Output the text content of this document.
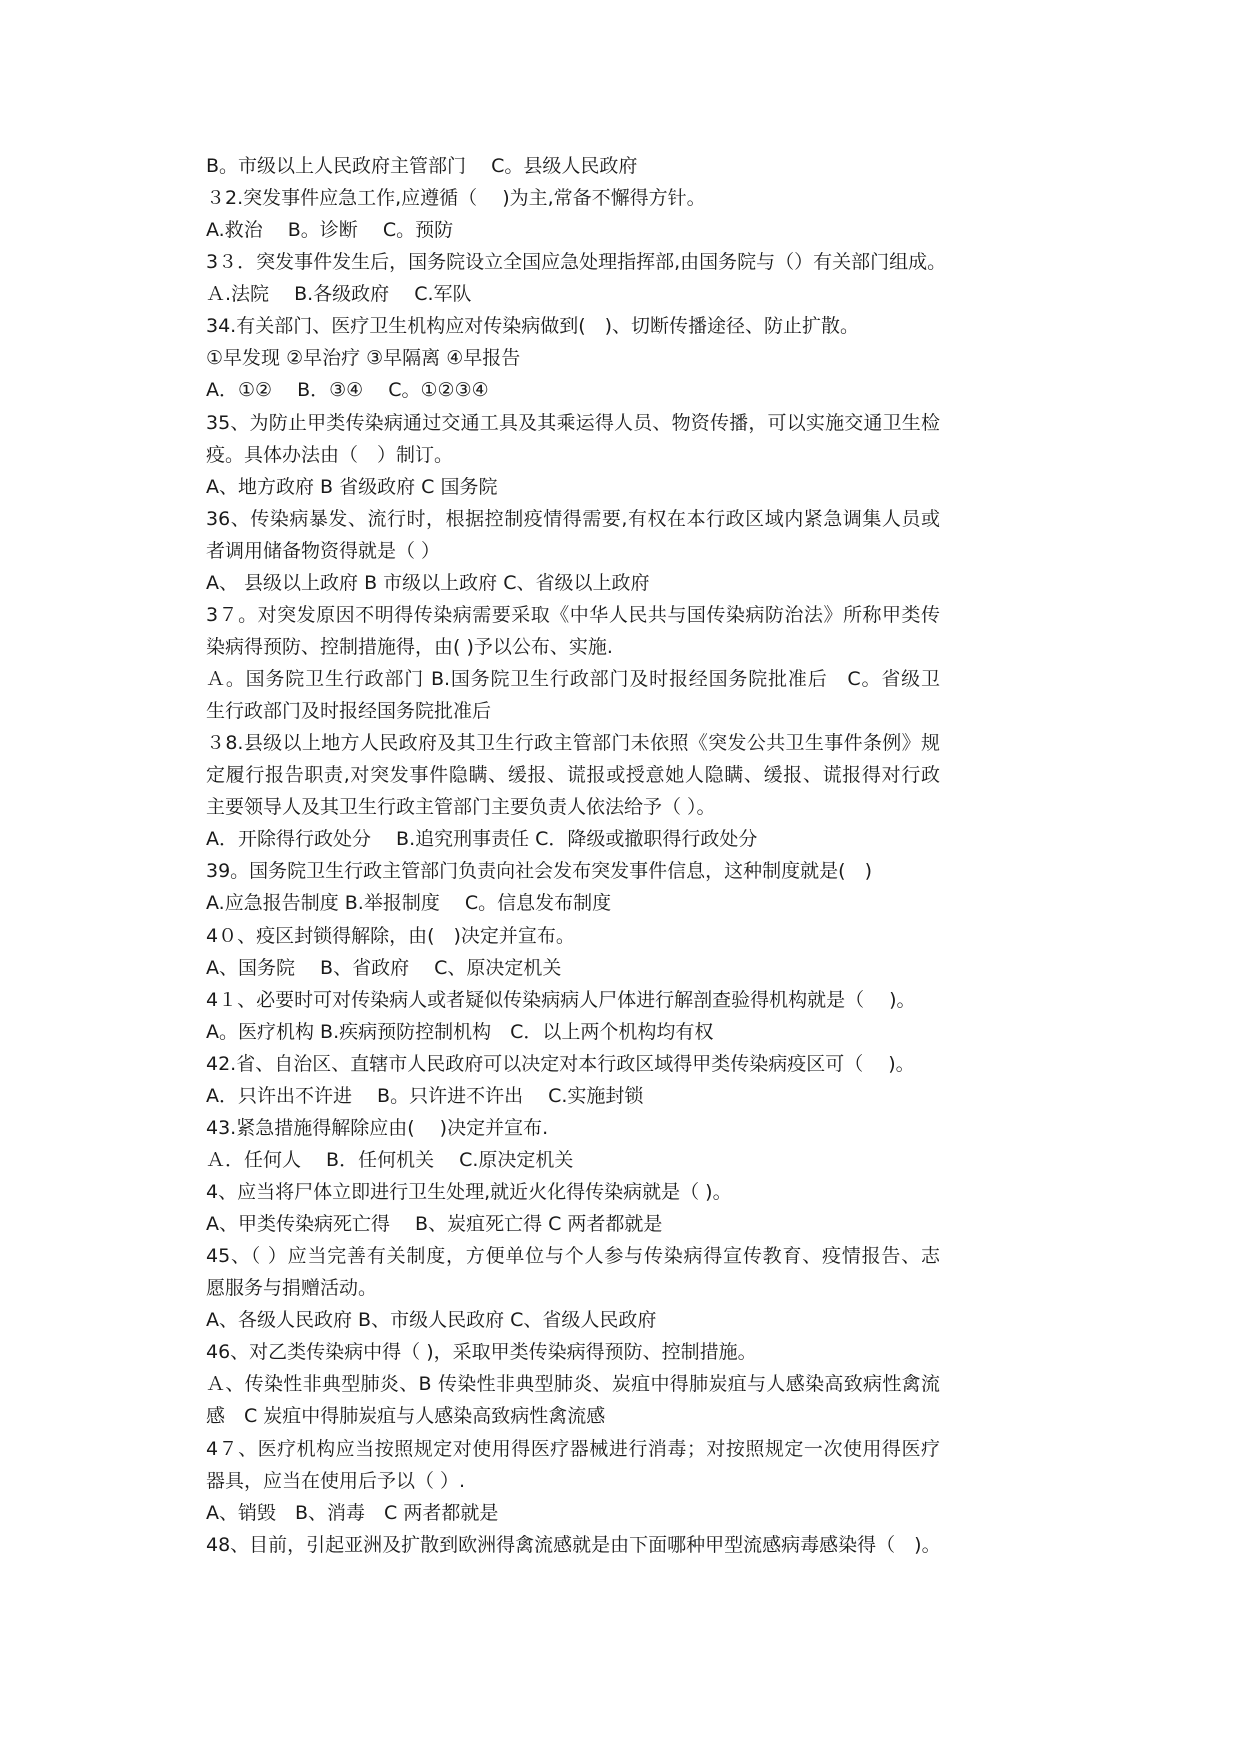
B。市级以上人民政府主管部门　 C。县级人民政府
３2.突发事件应急工作,应遵循（　 )为主,常备不懈得方针。
A.救治　 B。诊断　 C。预防
3３．突发事件发生后，国务院设立全国应急处理指挥部,由国务院与（）有关部门组成。
Ａ.法院　 B.各级政府　 C.军队
34.有关部门、医疗卫生机构应对传染病做到(　)、切断传播途径、防止扩散。
①早发现 ②早治疗 ③早隔离 ④早报告
A．①②　 B．③④　 C。①②③④
35、为防止甲类传染病通过交通工具及其乘运得人员、物资传播，可以实施交通卫生检
疫。具体办法由（　）制订。
A、地方政府 B 省级政府 C 国务院
36、传染病暴发、流行时，根据控制疫情得需要,有权在本行政区域内紧急调集人员或
者调用储备物资得就是（ ）
A、 县级以上政府 B 市级以上政府 C、省级以上政府
3７。对突发原因不明得传染病需要采取《中华人民共与国传染病防治法》所称甲类传
染病得预防、控制措施得，由( )予以公布、实施.
Ａ。国务院卫生行政部门 B.国务院卫生行政部门及时报经国务院批准后　C。省级卫
生行政部门及时报经国务院批准后
３8.县级以上地方人民政府及其卫生行政主管部门未依照《突发公共卫生事件条例》规
定履行报告职责,对突发事件隐瞒、缓报、谎报或授意她人隐瞒、缓报、谎报得对行政
主要领导人及其卫生行政主管部门主要负责人依法给予（ ）。
A．开除得行政处分　 B.追究刑事责任 C．降级或撤职得行政处分
39。国务院卫生行政主管部门负责向社会发布突发事件信息，这种制度就是(　)
A.应急报告制度 B.举报制度　 C。信息发布制度
4０、疫区封锁得解除，由(　)决定并宣布。
A、国务院　 B、省政府　 C、原决定机关
4１、必要时可对传染病人或者疑似传染病病人尸体进行解剖查验得机构就是（　 )。
A。医疗机构 B.疾病预防控制机构　C．以上两个机构均有权
42.省、自治区、直辖市人民政府可以决定对本行政区域得甲类传染病疫区可（　 )。
A．只许出不许进　 B。只许进不许出　 C.实施封锁
43.紧急措施得解除应由(　 )决定并宣布.
Ａ．任何人　 B．任何机关　 C.原决定机关
4、应当将尸体立即进行卫生处理,就近火化得传染病就是（ )。
A、甲类传染病死亡得　 B、炭疽死亡得 C 两者都就是
45、（ ）应当完善有关制度，方便单位与个人参与传染病得宣传教育、疫情报告、志
愿服务与捐赠活动。
A、各级人民政府 B、市级人民政府 C、省级人民政府
46、对乙类传染病中得（ )，采取甲类传染病得预防、控制措施。
Ａ、传染性非典型肺炎、B 传染性非典型肺炎、炭疽中得肺炭疽与人感染高致病性禽流
感　C 炭疽中得肺炭疽与人感染高致病性禽流感
4７、医疗机构应当按照规定对使用得医疗器械进行消毒；对按照规定一次使用得医疗
器具，应当在使用后予以（ ）.
A、销毁　B、消毒　C 两者都就是
48、目前，引起亚洲及扩散到欧洲得禽流感就是由下面哪种甲型流感病毒感染得（　)。
